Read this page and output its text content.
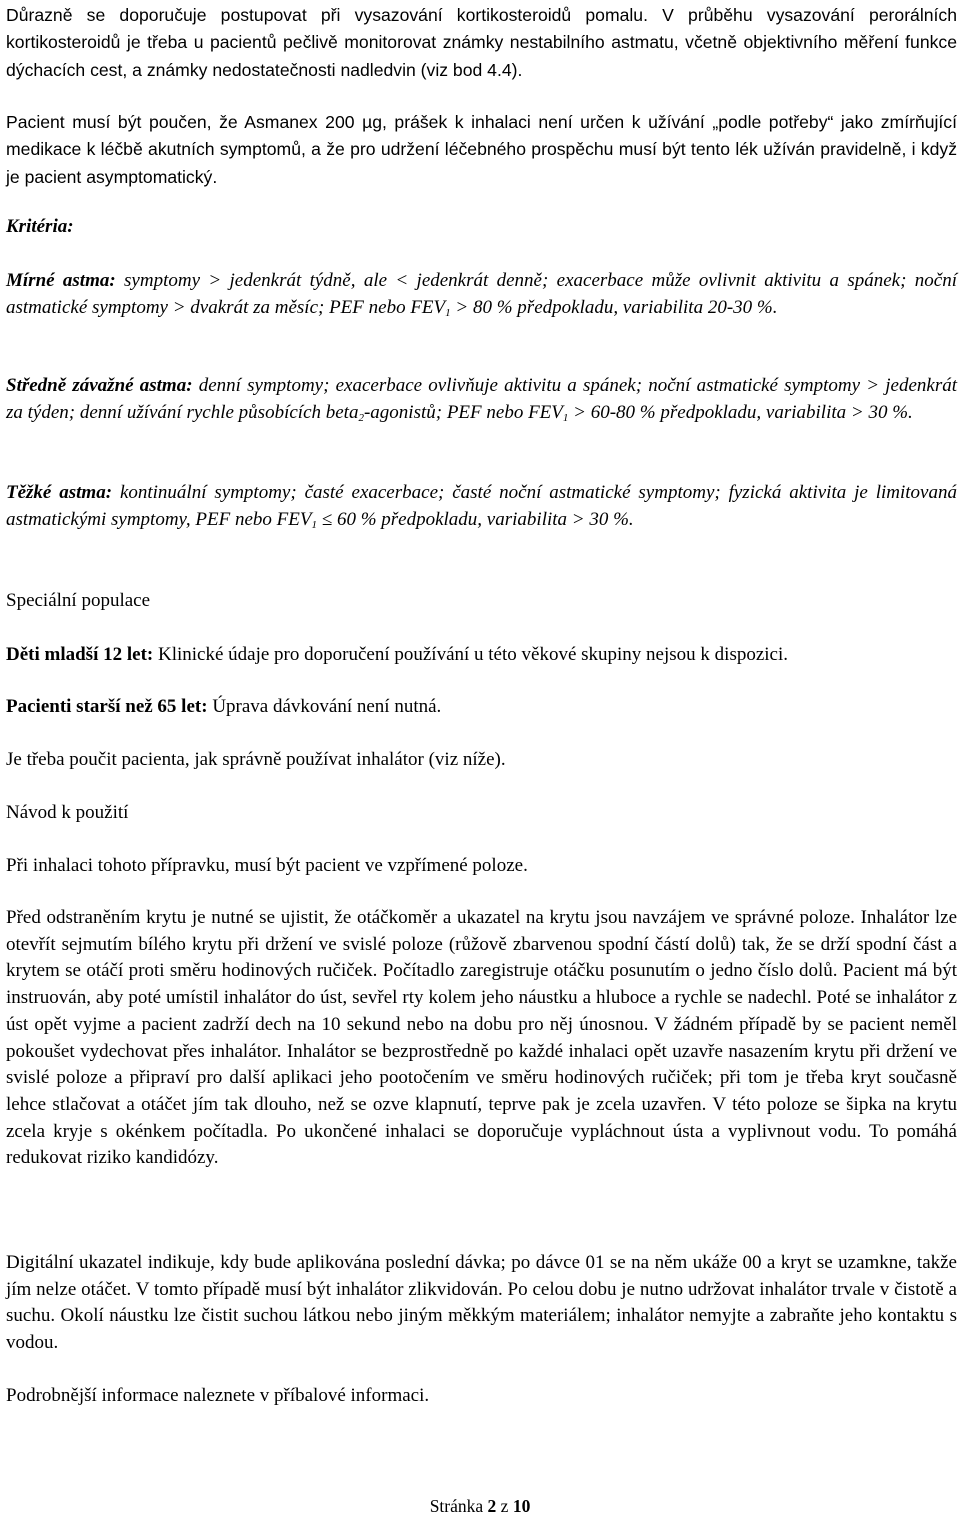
Důrazně se doporučuje postupovat při vysazování kortikosteroidů pomalu. V průběhu vysazování perorálních kortikosteroidů je třeba u pacientů pečlivě monitorovat známky nestabilního astmatu, včetně objektivního měření funkce dýchacích cest, a známky nedostatečnosti nadledvin (viz bod 4.4).

Pacient musí být poučen, že Asmanex 200 µg, prášek k inhalaci není určen k užívání „podle potřeby“ jako zmírňující medikace k léčbě akutních symptomů, a že pro udržení léčebného prospěchu musí být tento lék užíván pravidelně, i když je pacient asymptomatický.

Kritéria:

Mírné astma: symptomy > jedenkrát týdně, ale < jedenkrát denně; exacerbace může ovlivnit aktivitu a spánek; noční astmatické symptomy > dvakrát za měsíc; PEF nebo $FEV_1 > 80$ % předpokladu, variabilita 20-30 %.

Středně závažné astma: denní symptomy; exacerbace ovlivňuje aktivitu a spánek; noční astmatické symptomy > jedenkrát za týden; denní užívání rychle působících beta$_2$-agonistů; PEF nebo $FEV_1 > 60-80$ % předpokladu, variabilita > 30 %.

Těžké astma: kontinuální symptomy; časté exacerbace; časté noční astmatické symptomy; fyzická aktivita je limitovaná astmatickými symptomy, PEF nebo $FEV_1 \le 60$ % předpokladu, variabilita > 30 %.

Speciální populace

Děti mladší 12 let: Klinické údaje pro doporučení používání u této věkové skupiny nejsou k dispozici.

Pacienti starší než 65 let: Úprava dávkování není nutná.

Je třeba poučit pacienta, jak správně používat inhalátor (viz níže).

Návod k použití

Při inhalaci tohoto přípravku, musí být pacient ve vzpřímené poloze.

Před odstraněním krytu je nutné se ujistit, že otáčkoměr a ukazatel na krytu jsou navzájem ve správné poloze. Inhalátor lze otevřít sejmutím bílého krytu při držení ve svislé poloze (růžově zbarvenou spodní částí dolů) tak, že se drží spodní část a krytem se otáčí proti směru hodinových ručiček. Počítadlo zaregistruje otáčku posunutím o jedno číslo dolů. Pacient má být instruován, aby poté umístil inhalátor do úst, sevřel rty kolem jeho náustku a hluboce a rychle se nadechl. Poté se inhalátor z úst opět vyjme a pacient zadrží dech na 10 sekund nebo na dobu pro něj únosnou. V žádném případě by se pacient neměl pokoušet vydechovat přes inhalátor. Inhalátor se bezprostředně po každé inhalaci opět uzavře nasazením krytu při držení ve svislé poloze a připraví pro další aplikaci jeho pootočením ve směru hodinových ručiček; při tom je třeba kryt současně lehce stlačovat a otáčet jím tak dlouho, než se ozve klapnutí, teprve pak je zcela uzavřen. V této poloze se šipka na krytu zcela kryje s okénkem počítadla. Po ukončené inhalaci se doporučuje vypláchnout ústa a vyplivnout vodu. To pomáhá redukovat riziko kandidózy.

Digitální ukazatel indikuje, kdy bude aplikována poslední dávka; po dávce 01 se na něm ukáže 00 a kryt se uzamkne, takže jím nelze otáčet. V tomto případě musí být inhalátor zlikvidován. Po celou dobu je nutno udržovat inhalátor trvale v čistotě a suchu. Okolí náustku lze čistit suchou látkou nebo jiným měkkým materiálem; inhalátor nemyjte a zabraňte jeho kontaktu s vodou.

Podrobnější informace naleznete v příbalové informaci.

Stránka 2 z 10
